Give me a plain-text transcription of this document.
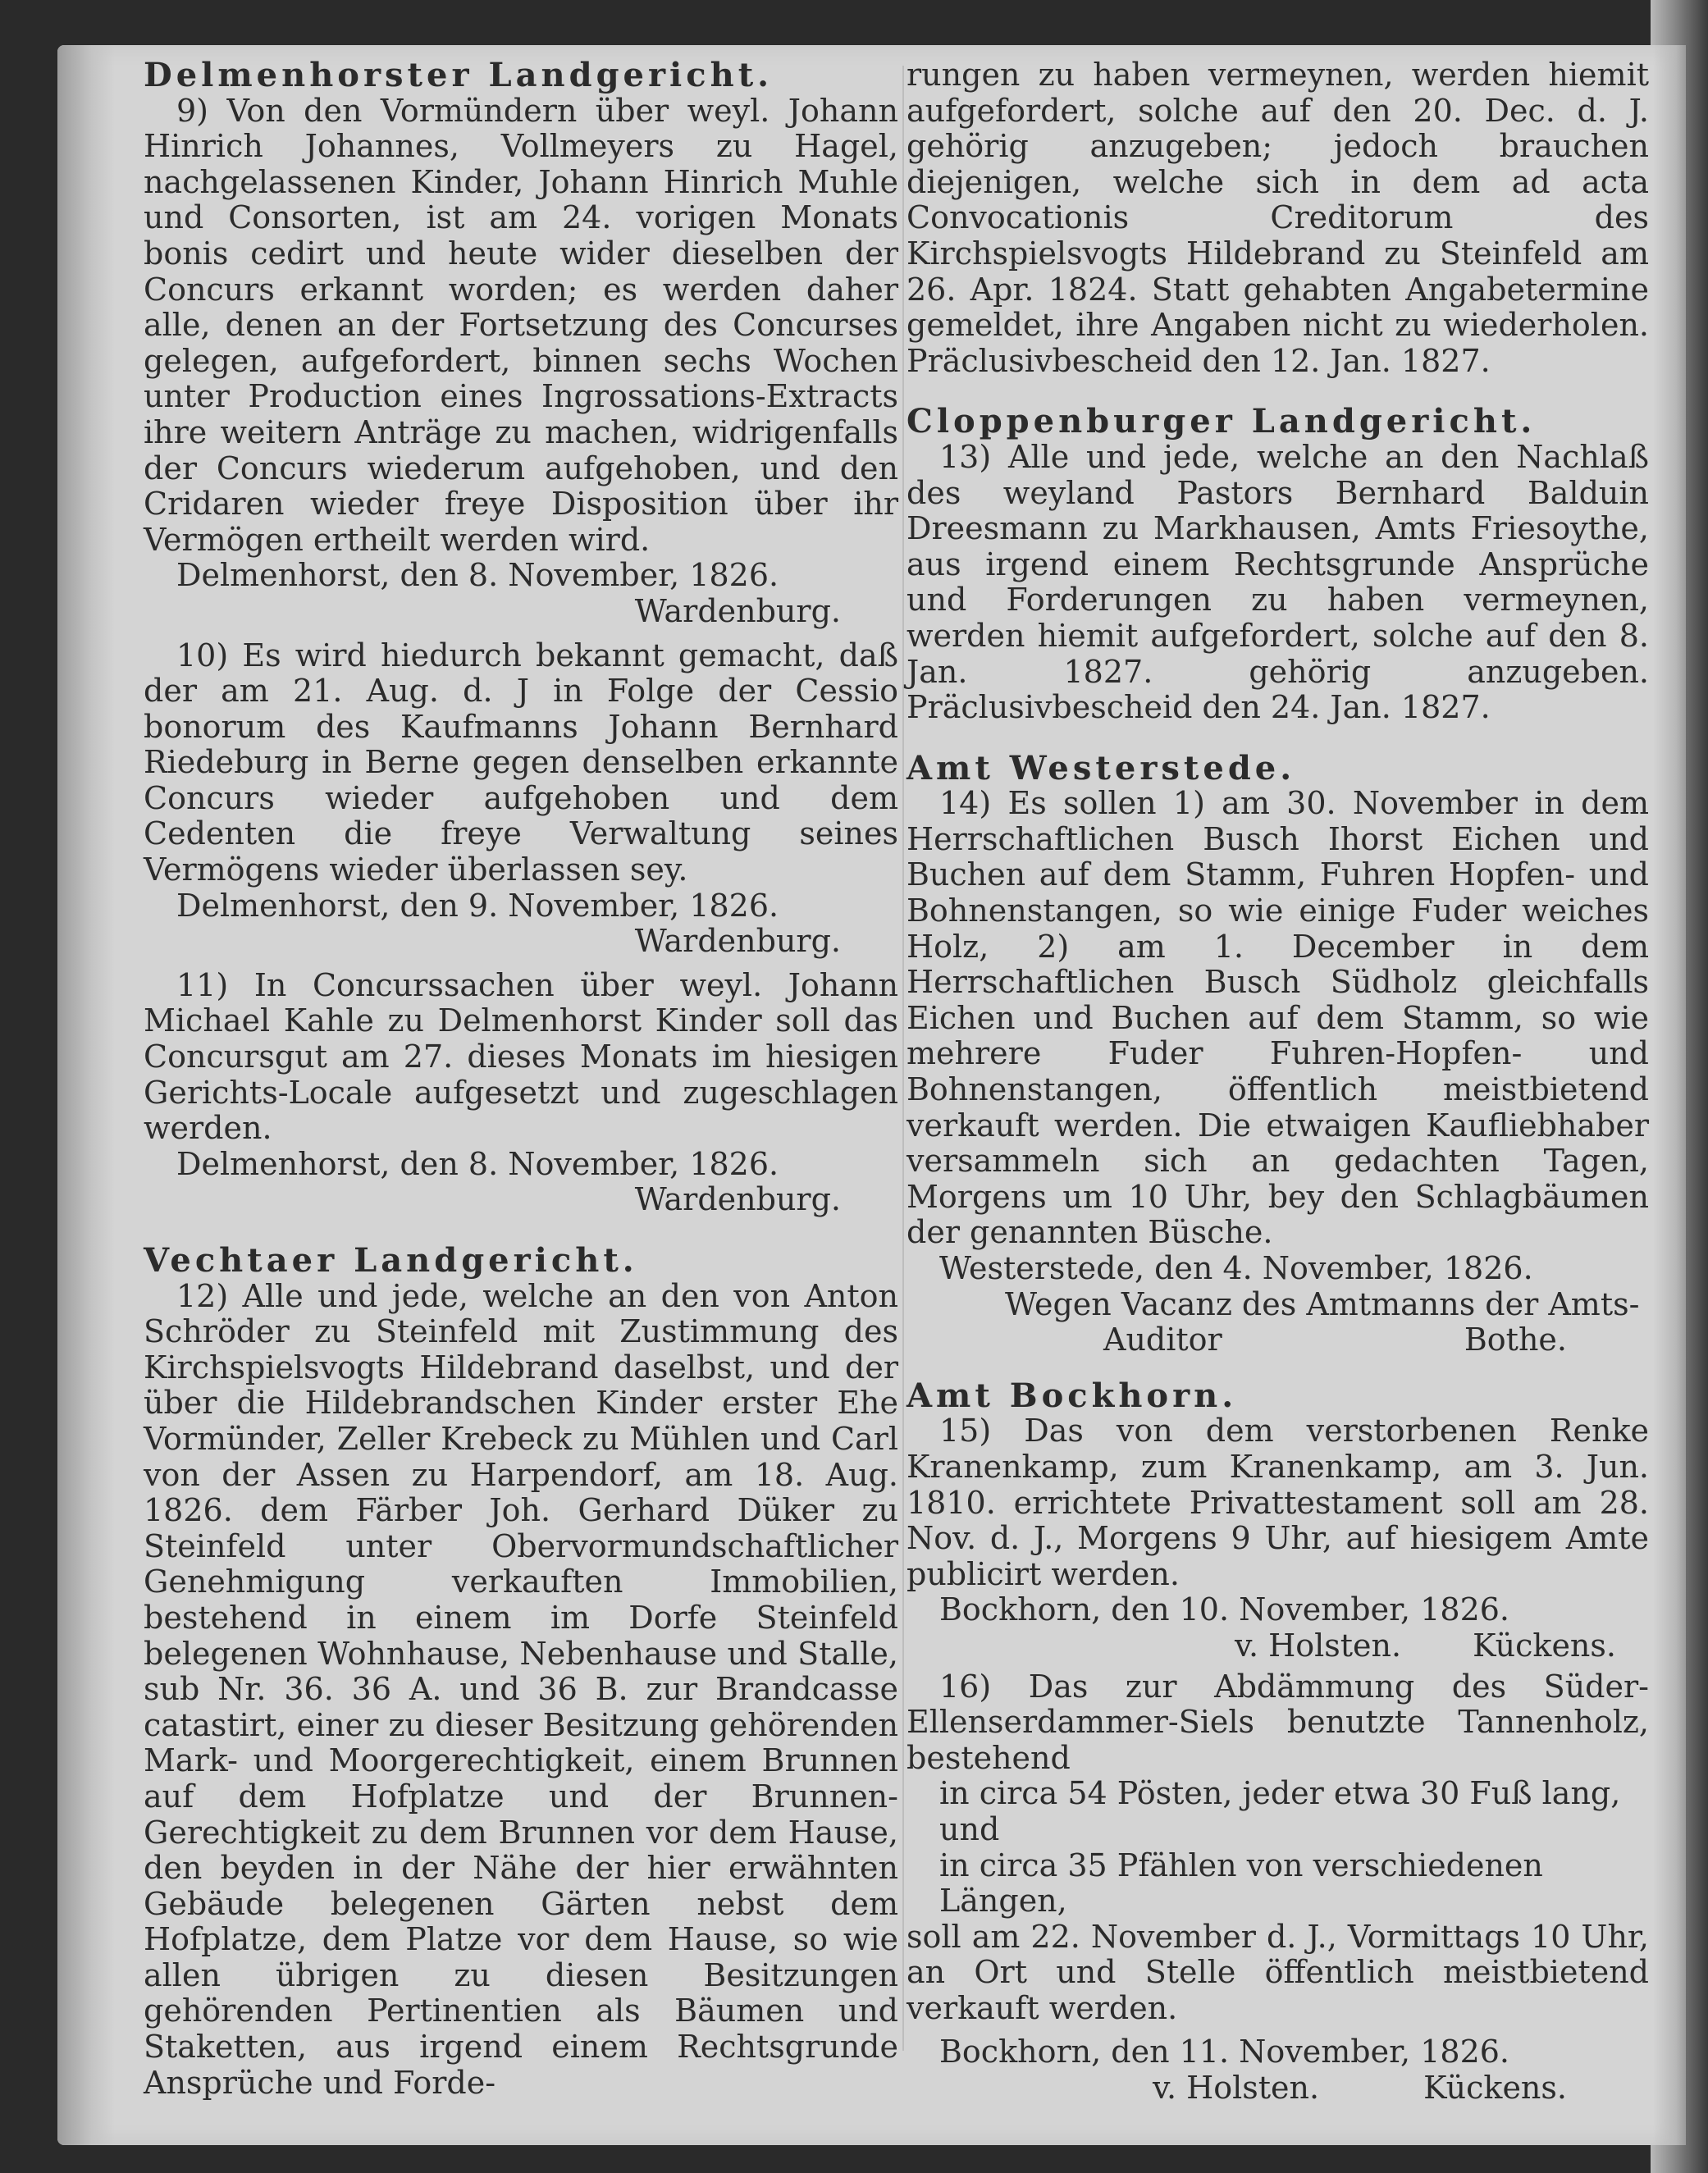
Delmenhorster Landgericht.

9) Von den Vormündern über weyl. Johann Hinrich Johannes, Vollmeyers zu Hagel, nachgelassenen Kinder, Johann Hinrich Muhle und Consorten, ist am 24. vorigen Monats bonis cedirt und heute wider dieselben der Concurs erkannt worden; es werden daher alle, denen an der Fortsetzung des Concurses gelegen, aufgefordert, binnen sechs Wochen unter Production eines Ingrossations-Extracts ihre weitern Anträge zu machen, widrigenfalls der Concurs wiederum aufgehoben, und den Cridaren wieder freye Disposition über ihr Vermögen ertheilt werden wird.

Delmenhorst, den 8. November, 1826.

Wardenburg.

10) Es wird hiedurch bekannt gemacht, daß der am 21. Aug. d. J in Folge der Cessio bonorum des Kaufmanns Johann Bernhard Riedeburg in Berne gegen denselben erkannte Concurs wieder aufgehoben und dem Cedenten die freye Verwaltung seines Vermögens wieder überlassen sey.

Delmenhorst, den 9. November, 1826.

Wardenburg.

11) In Concurssachen über weyl. Johann Michael Kahle zu Delmenhorst Kinder soll das Concursgut am 27. dieses Monats im hiesigen Gerichts-Locale aufgesetzt und zugeschlagen werden.

Delmenhorst, den 8. November, 1826.

Wardenburg.

Vechtaer Landgericht.

12) Alle und jede, welche an den von Anton Schröder zu Steinfeld mit Zustimmung des Kirchspielsvogts Hildebrand daselbst, und der über die Hildebrandschen Kinder erster Ehe Vormünder, Zeller Krebeck zu Mühlen und Carl von der Assen zu Harpendorf, am 18. Aug. 1826. dem Färber Joh. Gerhard Düker zu Steinfeld unter Obervormundschaftlicher Genehmigung verkauften Immobilien, bestehend in einem im Dorfe Steinfeld belegenen Wohnhause, Nebenhause und Stalle, sub Nr. 36. 36 A. und 36 B. zur Brandcasse catastirt, einer zu dieser Besitzung gehörenden Mark- und Moorgerechtigkeit, einem Brunnen auf dem Hofplatze und der Brunnen-Gerechtigkeit zu dem Brunnen vor dem Hause, den beyden in der Nähe der hier erwähnten Gebäude belegenen Gärten nebst dem Hofplatze, dem Platze vor dem Hause, so wie allen übrigen zu diesen Besitzungen gehörenden Pertinentien als Bäumen und Staketten, aus irgend einem Rechtsgrunde Ansprüche und Forde-

rungen zu haben vermeynen, werden hiemit aufgefordert, solche auf den 20. Dec. d. J. gehörig anzugeben; jedoch brauchen diejenigen, welche sich in dem ad acta Convocationis Creditorum des Kirchspielsvogts Hildebrand zu Steinfeld am 26. Apr. 1824. Statt gehabten Angabetermine gemeldet, ihre Angaben nicht zu wiederholen. Präclusivbescheid den 12. Jan. 1827.

Cloppenburger Landgericht.

13) Alle und jede, welche an den Nachlaß des weyland Pastors Bernhard Balduin Dreesmann zu Markhausen, Amts Friesoythe, aus irgend einem Rechtsgrunde Ansprüche und Forderungen zu haben vermeynen, werden hiemit aufgefordert, solche auf den 8. Jan. 1827. gehörig anzugeben. Präclusivbescheid den 24. Jan. 1827.

Amt Westerstede.

14) Es sollen 1) am 30. November in dem Herrschaftlichen Busch Ihorst Eichen und Buchen auf dem Stamm, Fuhren Hopfen- und Bohnenstangen, so wie einige Fuder weiches Holz, 2) am 1. December in dem Herrschaftlichen Busch Südholz gleichfalls Eichen und Buchen auf dem Stamm, so wie mehrere Fuder Fuhren-Hopfen- und Bohnenstangen, öffentlich meistbietend verkauft werden. Die etwaigen Kaufliebhaber versammeln sich an gedachten Tagen, Morgens um 10 Uhr, bey den Schlagbäumen der genannten Büsche.

Westerstede, den 4. November, 1826.

Wegen Vacanz des Amtmanns der Amts-

Auditor	Bothe.

Amt Bockhorn.

15) Das von dem verstorbenen Renke Kranenkamp, zum Kranenkamp, am 3. Jun. 1810. errichtete Privattestament soll am 28. Nov. d. J., Morgens 9 Uhr, auf hiesigem Amte publicirt werden.

Bockhorn, den 10. November, 1826.

v. Holsten. Kückens.

16) Das zur Abdämmung des Süder-Ellenserdammer-Siels benutzte Tannenholz, bestehend

in circa 54 Pösten, jeder etwa 30 Fuß lang,

und

in circa 35 Pfählen von verschiedenen Längen,

soll am 22. November d. J., Vormittags 10 Uhr, an Ort und Stelle öffentlich meistbietend verkauft werden.

Bockhorn, den 11. November, 1826.

v. Holsten.	Kückens.
